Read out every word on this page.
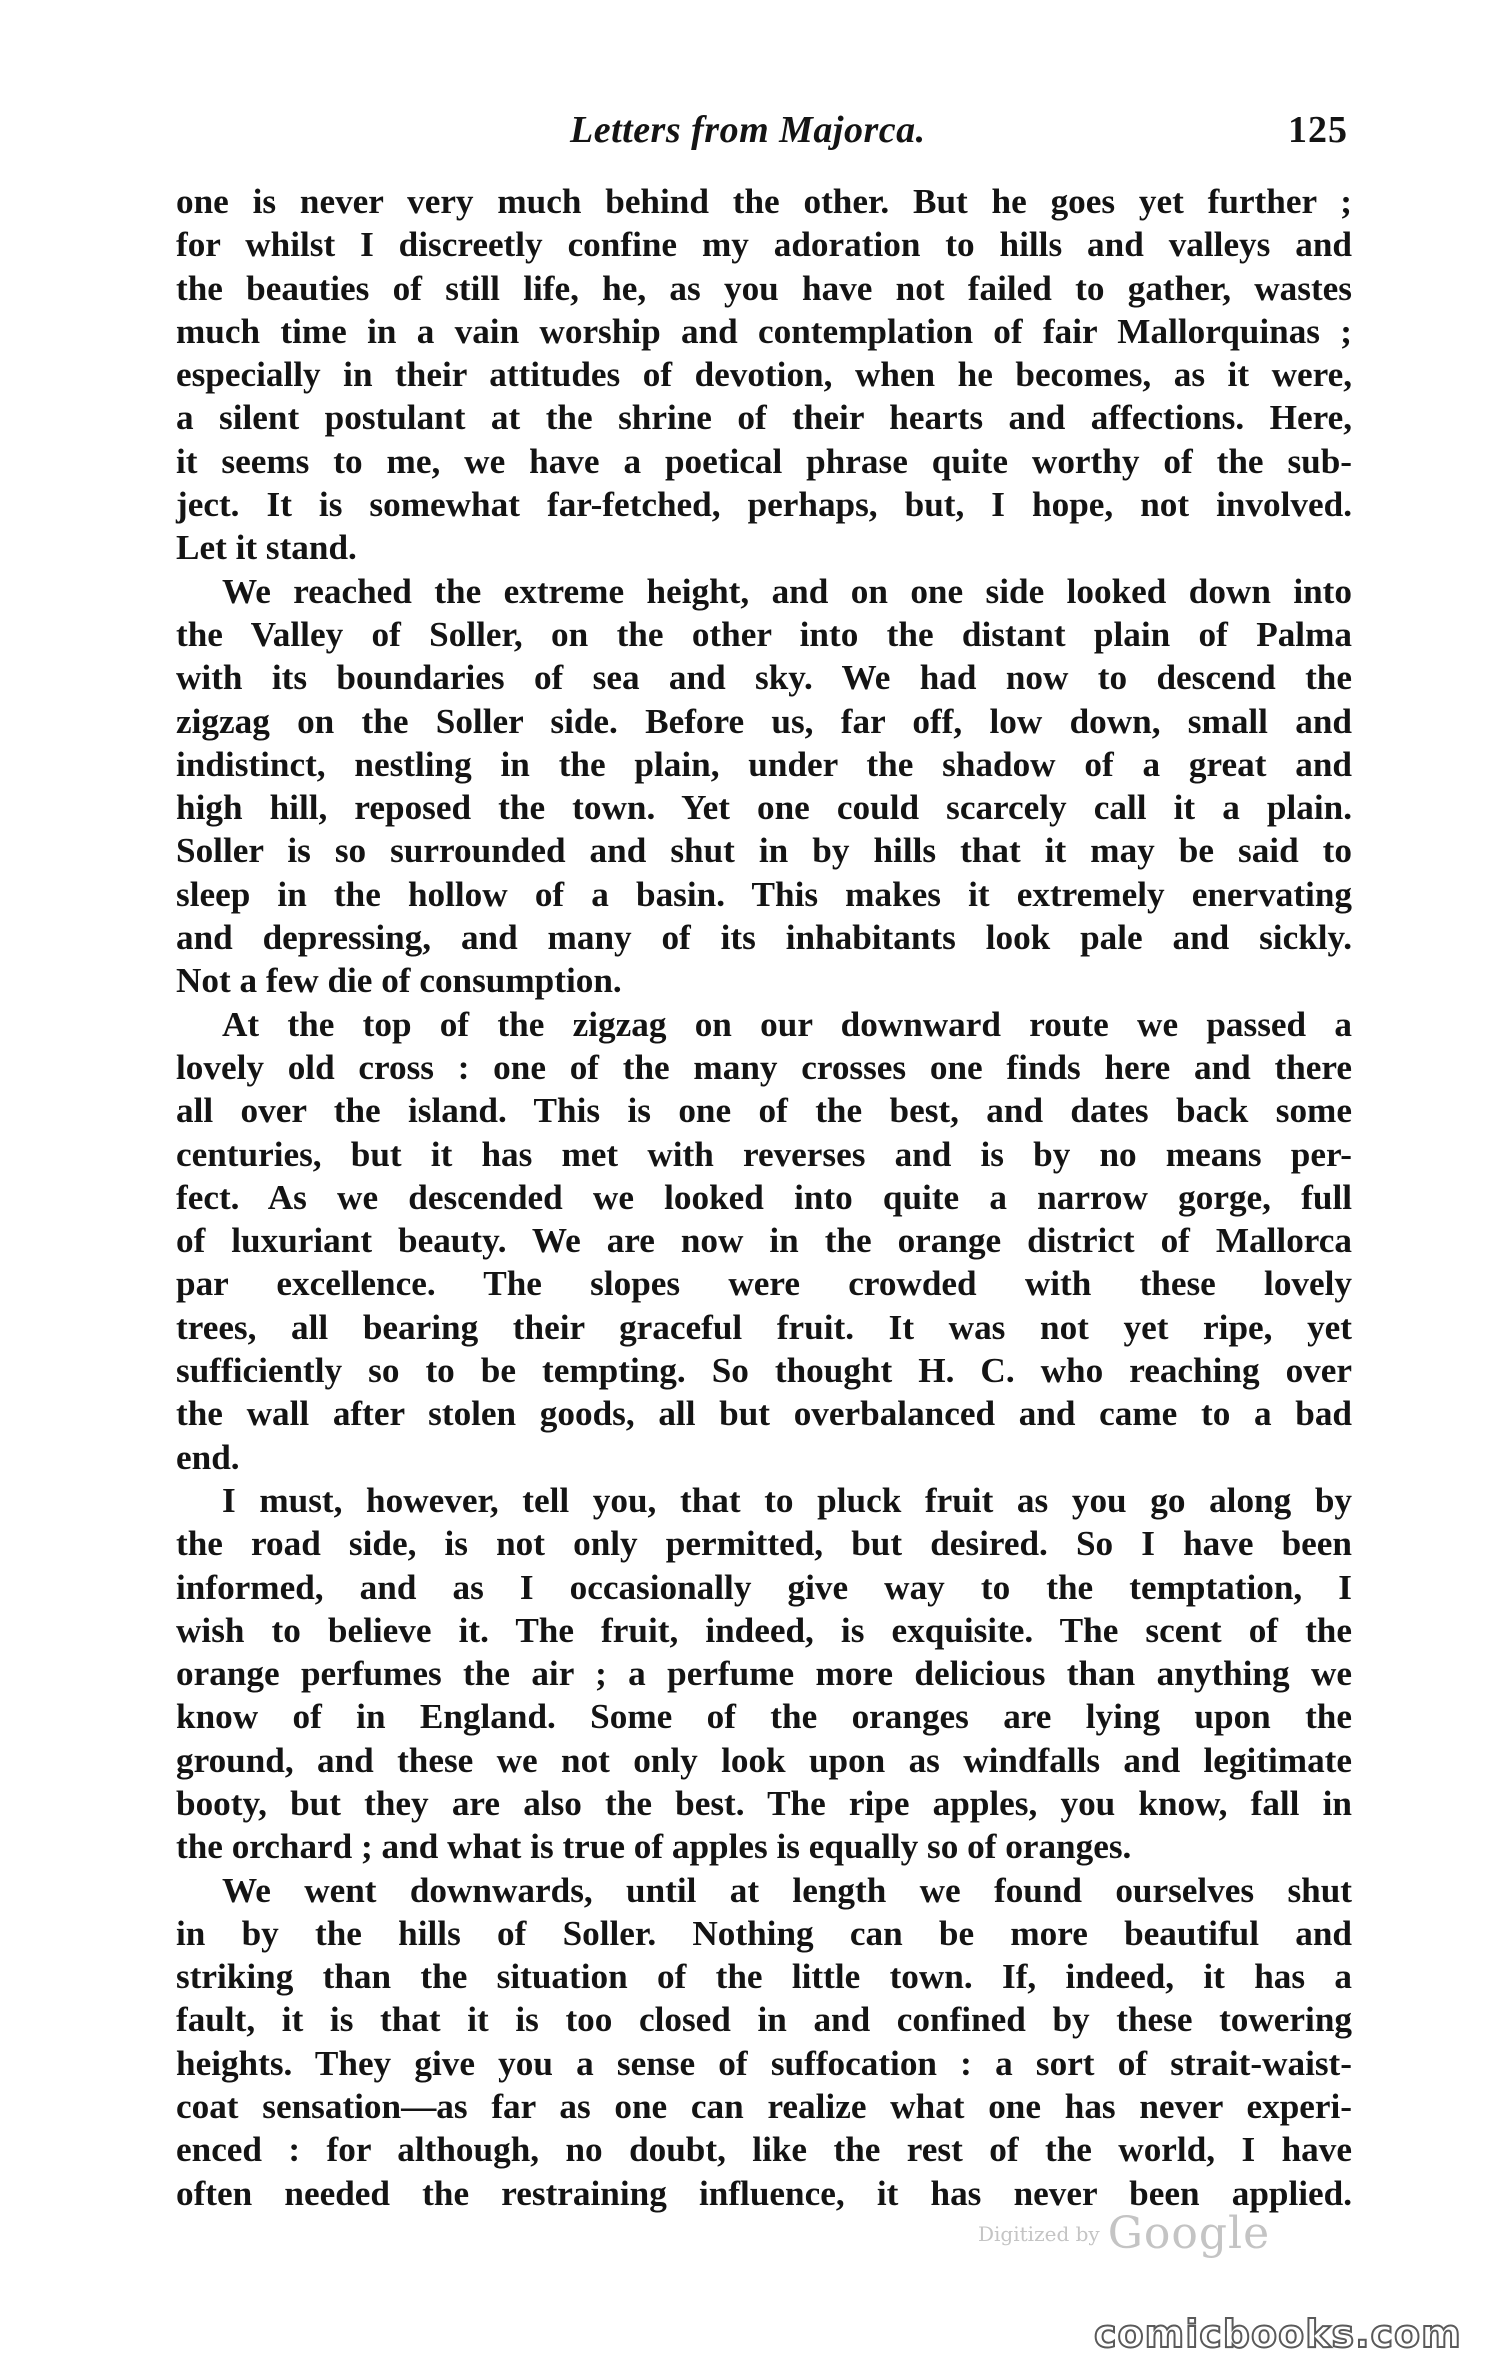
Letters from Majorca.	125
one is never very much behind the other. But he goes yet further ;
for whilst I discreetly confine my adoration to hills and valleys and
the beauties of still life, he, as you have not failed to gather, wastes
much time in a vain worship and contemplation of fair Mallorquinas ;
especially in their attitudes of devotion, when he becomes, as it were,
a silent postulant at the shrine of their hearts and affections. Here,
it seems to me, we have a poetical phrase quite worthy of the sub-
ject. It is somewhat far-fetched, perhaps, but, I hope, not involved.
Let it stand.
We reached the extreme height, and on one side looked down into
the Valley of Soller, on the other into the distant plain of Palma
with its boundaries of sea and sky. We had now to descend the
zigzag on the Soller side. Before us, far off, low down, small and
indistinct, nestling in the plain, under the shadow of a great and
high hill, reposed the town. Yet one could scarcely call it a plain.
Soller is so surrounded and shut in by hills that it may be said to
sleep in the hollow of a basin. This makes it extremely enervating
and depressing, and many of its inhabitants look pale and sickly.
Not a few die of consumption.
At the top of the zigzag on our downward route we passed a
lovely old cross : one of the many crosses one finds here and there
all over the island. This is one of the best, and dates back some
centuries, but it has met with reverses and is by no means per-
fect. As we descended we looked into quite a narrow gorge, full
of luxuriant beauty. We are now in the orange district of Mallorca
par excellence. The slopes were crowded with these lovely
trees, all bearing their graceful fruit. It was not yet ripe, yet
sufficiently so to be tempting. So thought H. C. who reaching over
the wall after stolen goods, all but overbalanced and came to a bad
end.
I must, however, tell you, that to pluck fruit as you go along by
the road side, is not only permitted, but desired. So I have been
informed, and as I occasionally give way to the temptation, I
wish to believe it. The fruit, indeed, is exquisite. The scent of the
orange perfumes the air ; a perfume more delicious than anything we
know of in England. Some of the oranges are lying upon the
ground, and these we not only look upon as windfalls and legitimate
booty, but they are also the best. The ripe apples, you know, fall in
the orchard ; and what is true of apples is equally so of oranges.
We went downwards, until at length we found ourselves shut
in by the hills of Soller. Nothing can be more beautiful and
striking than the situation of the little town. If, indeed, it has a
fault, it is that it is too closed in and confined by these towering
heights. They give you a sense of suffocation : a sort of strait-waist-
coat sensation—as far as one can realize what one has never experi-
enced : for although, no doubt, like the rest of the world, I have
often needed the restraining influence, it has never been applied.
Digitized by Google
comicbooks.com
